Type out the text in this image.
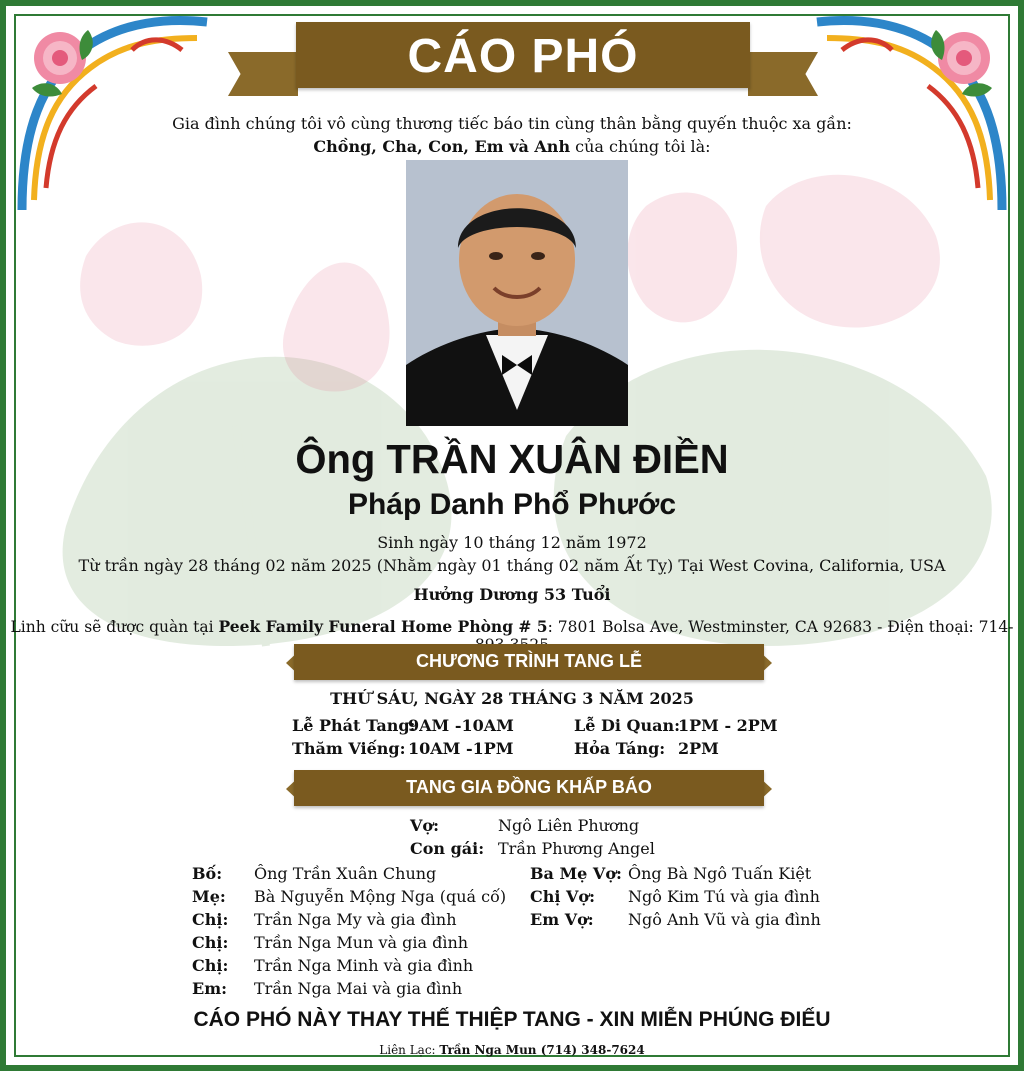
CÁO PHÓ
Gia đình chúng tôi vô cùng thương tiếc báo tin cùng thân bằng quyến thuộc xa gần:
Chồng, Cha, Con, Em và Anh của chúng tôi là:
Ông TRẦN XUÂN ĐIỀN
Pháp Danh Phổ Phước
Sinh ngày 10 tháng 12 năm 1972
Từ trần ngày 28 tháng 02 năm 2025 (Nhằm ngày 01 tháng 02 năm Ất Tỵ) Tại West Covina, California, USA
Hưởng Dương 53 Tuổi
Linh cữu sẽ được quàn tại Peek Family Funeral Home Phòng # 5: 7801 Bolsa Ave, Westminster, CA 92683 - Điện thoại: 714-
CHƯƠNG TRÌNH TANG LỄ
THỨ SÁU, NGÀY 28 THÁNG 3 NĂM 2025
Lễ Phát Tang:
9AM -10AM
Thăm Viếng: 10AM -1PM
Lễ Di Quan:
1PM - 2PM
Hỏa Táng: 2PM
TANG GIA ĐỒNG KHẤP BÁO
Vợ:	Ngô Liên Phương
Con gái: Trần Phương Angel
Bố: Ông Trần Xuân Chung
Mẹ: Bà Nguyễn Mộng Nga (quá cố)
Chị: Trần Nga My và gia đình
Chị: Trần Nga Mun và gia đình
Chị: Trần Nga Minh và gia đình
Em: Trần Nga Mai và gia đình
Ba Mẹ Vợ: Ông Bà Ngô Tuấn Kiệt
Chị Vợ: Ngô Kim Tú và gia đình
Em Vợ: Ngô Anh Vũ và gia đình
CÁO PHÓ NÀY THAY THẾ THIỆP TANG - XIN MIỄN PHÚNG ĐIẾU
Liên Lạc: Trần Nga Mun (714) 348-7624
